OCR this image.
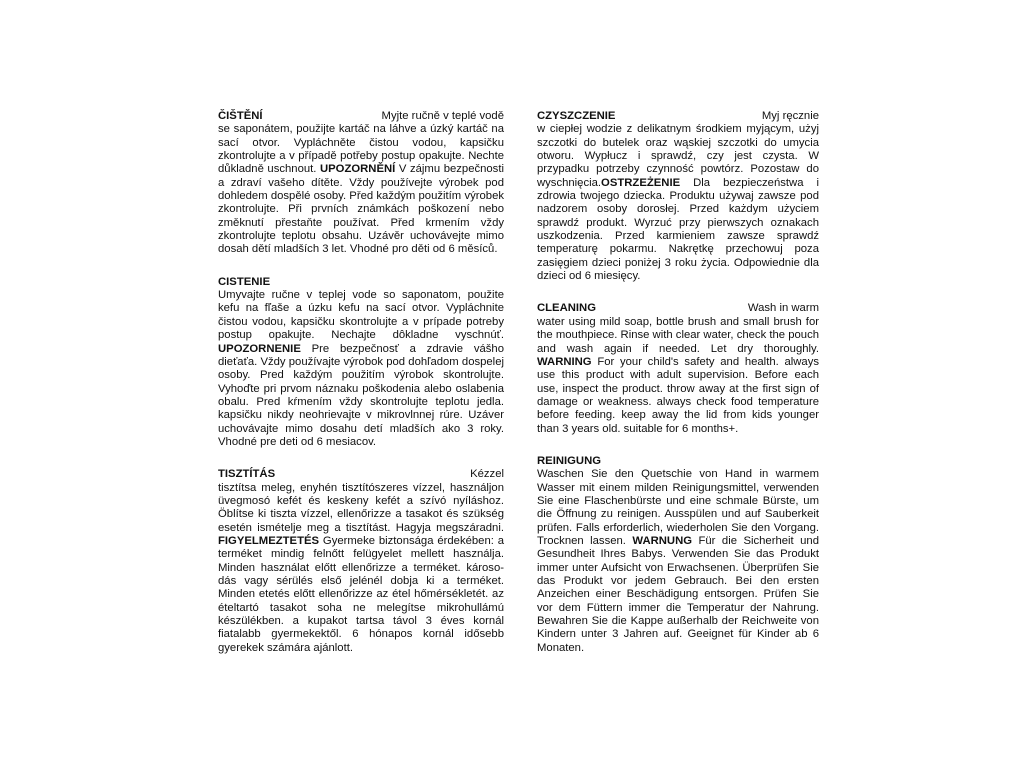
ČIŠTĚNÍ	Myjte ručně v teplé vodě
se saponátem, použijte kartáč na láhve a úzký kartáč na sací otvor. Vypláchněte čistou vodou, kapsičku zkontrolujte a v případě potřeby postup opakujte. Nechte důkladně uschnout. UPOZORNĚNÍ V zájmu bezpečnosti a zdraví vašeho dítěte. Vždy používejte výrobek pod dohledem dospělé osoby. Před každým použitím výrobek zkontrolujte. Při prvních známkách poškození nebo změknutí přestaňte používat. Před krmením vždy zkontrolujte teplotu obsahu. Uzávěr uchovávejte mimo dosah dětí mladších 3 let. Vhodné pro děti od 6 měsíců.
CISTENIE
Umyvajte ručne v teplej vode so saponatom, použite kefu na fľaše a úzku kefu na sací otvor. Vypláchnite čistou vodou, kapsičku skontrolujte a v prípade potreby postup opakujte. Nechajte dôkladne vyschnúť. UPOZORNENIE Pre bezpečnosť a zdravie vášho dieťaťa. Vždy používajte výrobok pod dohľadom dospelej osoby. Pred každým použitím výrobok skontrolujte. Vyhoďte pri prvom náznaku poškodenia alebo oslabenia obalu. Pred kŕmením vždy skontrolujte teplotu jedla. kapsičku nikdy neohrievajte v mikrovlnnej rúre. Uzáver uchovávajte mimo dosahu detí mladších ako 3 roky. Vhodné pre deti od 6 mesiacov.
TISZTÍTÁS	Kézzel
tisztítsa meleg, enyhén tisztítószeres vízzel, használjon üvegmosó kefét és keskeny kefét a szívó nyíláshoz. Öblítse ki tiszta vízzel, ellenőrizze a tasakot és szükség esetén ismételje meg a tisztítást. Hagyja megszáradni. FIGYELMEZTETÉS Gyermeke biztonsága érdekében: a terméket mindig felnőtt felügyelet mellett használja. Minden használat előtt ellenőrizze a terméket. károso- dás vagy sérülés első jelénél dobja ki a terméket. Minden etetés előtt ellenőrizze az étel hőmérsékletét. az ételtartó tasakot soha ne melegítse mikrohullámú készülékben. a kupakot tartsa távol 3 éves kornál fiatalabb gyermekektől. 6 hónapos kornál idősebb gyerekek számára ajánlott.
CZYSZCZENIE	Myj ręcznie
w ciepłej wodzie z delikatnym środkiem myjącym, użyj szczotki do butelek oraz wąskiej szczotki do umycia otworu. Wypłucz i sprawdź, czy jest czysta. W przypadku potrzeby czynność powtórz. Pozostaw do wyschnięcia.OSTRZEŻENIE Dla bezpieczeństwa i zdrowia twojego dziecka. Produktu używaj zawsze pod nadzorem osoby dorosłej. Przed każdym użyciem sprawdź produkt. Wyrzuć przy pierwszych oznakach uszkodzenia. Przed karmieniem zawsze sprawdź temperaturę pokarmu. Nakrętkę przechowuj poza zasięgiem dzieci poniżej 3 roku życia. Odpowiednie dla dzieci od 6 miesięcy.
CLEANING	Wash in warm
water using mild soap, bottle brush and small brush for the mouthpiece. Rinse with clear water, check the pouch and wash again if needed. Let dry thoroughly. WARNING For your child's safety and health. always use this product with adult supervision. Before each use, inspect the product. throw away at the first sign of damage or weakness. always check food temperature before feeding. keep away the lid from kids younger than 3 years old. suitable for 6 months+.
REINIGUNG
Waschen Sie den Quetschie von Hand in warmem Wasser mit einem milden Reinigungsmittel, verwenden Sie eine Flaschenbürste und eine schmale Bürste, um die Öffnung zu reinigen. Ausspülen und auf Sauberkeit prüfen. Falls erforderlich, wiederholen Sie den Vorgang. Trocknen lassen. WARNUNG Für die Sicherheit und Gesundheit Ihres Babys. Verwenden Sie das Produkt immer unter Aufsicht von Erwachsenen. Überprüfen Sie das Produkt vor jedem Gebrauch. Bei den ersten Anzeichen einer Beschädigung entsorgen. Prüfen Sie vor dem Füttern immer die Temperatur der Nahrung. Bewahren Sie die Kappe außerhalb der Reichweite von Kindern unter 3 Jahren auf. Geeignet für Kinder ab 6 Monaten.
